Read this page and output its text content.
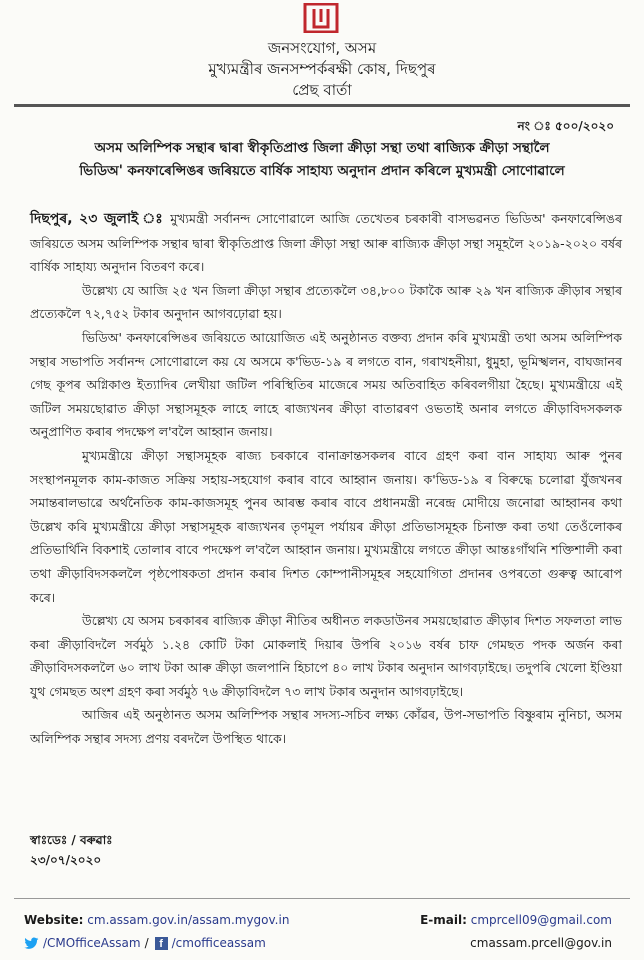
জনসংযোগ, অসম
মুখ্যমন্ত্ৰীৰ জনসম্পৰ্কৰক্ষী কোষ, দিছপুৰ
প্ৰেছ বাৰ্তা
নং ঃ ৫০০/২০২০
অসম অলিম্পিক সন্থাৰ দ্বাৰা স্বীকৃতিপ্ৰাপ্ত জিলা ক্ৰীড়া সন্থা তথা ৰাজ্যিক ক্ৰীড়া সন্থালৈ
ভিডিঅ' কনফাৰেন্সিঙৰ জৰিয়তে বাৰ্ষিক সাহায্য অনুদান প্ৰদান কৰিলে মুখ্যমন্ত্ৰী সোণোৱালে

দিছপুৰ, ২৩ জুলাই ঃ মুখ্যমন্ত্ৰী সৰ্বানন্দ সোণোৱালে আজি তেখেতৰ চৰকাৰী বাসভৱনত ভিডিঅ' কনফাৰেন্সিঙৰ জৰিয়তে অসম অলিম্পিক সন্থাৰ দ্বাৰা স্বীকৃতিপ্ৰাপ্ত জিলা ক্ৰীড়া সন্থা আৰু ৰাজ্যিক ক্ৰীড়া সন্থা সমূহলৈ ২০১৯-২০২০ বৰ্ষৰ বাৰ্ষিক সাহায্য অনুদান বিতৰণ কৰে।

উল্লেখ্য যে আজি ২৫ খন জিলা ক্ৰীড়া সন্থাৰ প্ৰত্যেকলৈ ৩৪,৮০০ টকাকৈ আৰু ২৯ খন ৰাজ্যিক ক্ৰীড়াৰ সন্থাৰ প্ৰত্যেকলৈ ৭২,৭৫২ টকাৰ অনুদান আগবঢ়োৱা হয়।

ভিডিঅ' কনফাৰেন্সিঙৰ জৰিয়তে আয়োজিত এই অনুষ্ঠানত বক্তব্য প্ৰদান কৰি মুখ্যমন্ত্ৰী তথা অসম অলিম্পিক সন্থাৰ সভাপতি সৰ্বানন্দ সোণোৱালে কয় যে অসমে ক'ভিড-১৯ ৰ লগতে বান, গৰাখহনীয়া, ধুমুহা, ভূমিস্খলন, বাঘজানৰ গেছ কূপৰ অগ্নিকাণ্ড ইত্যাদিৰ লেখীয়া জটিল পৰিস্থিতিৰ মাজেৰে সময় অতিবাহিত কৰিবলগীয়া হৈছে। মুখ্যমন্ত্ৰীয়ে এই জটিল সময়ছোৱাত ক্ৰীড়া সন্থাসমূহক লাহে লাহে ৰাজ্যখনৰ ক্ৰীড়া বাতাৱৰণ ওভতাই অনাৰ লগতে ক্ৰীড়াবিদসকলক অনুপ্ৰাণিত কৰাৰ পদক্ষেপ ল'বলৈ আহ্বান জনায়।

মুখ্যমন্ত্ৰীয়ে ক্ৰীড়া সন্থাসমূহক ৰাজ্য চৰকাৰে বানাক্ৰান্তসকলৰ বাবে গ্ৰহণ কৰা বান সাহায্য আৰু পুনৰ সংস্থাপনমূলক কাম-কাজত সক্ৰিয় সহায়-সহযোগ কৰাৰ বাবে আহ্বান জনায়। ক'ভিড-১৯ ৰ বিৰুদ্ধে চলোৱা যুঁজখনৰ সমান্তৰালভাৱে অৰ্থনৈতিক কাম-কাজসমূহ পুনৰ আৰম্ভ কৰাৰ বাবে প্ৰধানমন্ত্ৰী নৰেন্দ্ৰ মোদীয়ে জনোৱা আহ্বানৰ কথা উল্লেখ কৰি মুখ্যমন্ত্ৰীয়ে ক্ৰীড়া সন্থাসমূহক ৰাজ্যখনৰ তৃণমূল পৰ্যায়ৰ ক্ৰীড়া প্ৰতিভাসমূহক চিনাক্ত কৰা তথা তেওঁলোকৰ প্ৰতিভাৰ্থিনি বিকশাই তোলাৰ বাবে পদক্ষেপ ল'বলৈ আহ্বান জনায়। মুখ্যমন্ত্ৰীয়ে লগতে ক্ৰীড়া আন্তঃগাঁথনি শক্তিশালী কৰা তথা ক্ৰীড়াবিদসকললৈ পৃষ্ঠপোষকতা প্ৰদান কৰাৰ দিশত কোম্পানীসমূহৰ সহযোগিতা প্ৰদানৰ ওপৰতো গুৰুত্ব আৰোপ কৰে।

উল্লেখ্য যে অসম চৰকাৰৰ ৰাজ্যিক ক্ৰীড়া নীতিৰ অধীনত লকডাউনৰ সময়ছোৱাত ক্ৰীড়াৰ দিশত সফলতা লাভ কৰা ক্ৰীড়াবিদলৈ সৰ্বমুঠ ১.২৪ কোটি টকা মোকলাই দিয়াৰ উপৰি ২০১৬ বৰ্ষৰ চাফ গেমছত পদক অৰ্জন কৰা ক্ৰীড়াবিদসকললৈ ৬০ লাখ টকা আৰু ক্ৰীড়া জলপানি হিচাপে ৪০ লাখ টকাৰ অনুদান আগবঢ়াইছে। তদুপৰি খেলো ইণ্ডিয়া যুথ গেমছত অংশ গ্ৰহণ কৰা সৰ্বমুঠ ৭৬ ক্ৰীড়াবিদলৈ ৭৩ লাখ টকাৰ অনুদান আগবঢ়াইছে।

আজিৰ এই অনুষ্ঠানত অসম অলিম্পিক সন্থাৰ সদস্য-সচিব লক্ষ্য কোঁৱৰ, উপ-সভাপতি বিষ্ণুৰাম নুনিচা, অসম অলিম্পিক সন্থাৰ সদস্য প্ৰণয় বৰদলৈ উপস্থিত থাকে।

স্বাঃডেঃ / বৰুৱাঃ
২৩/০৭/২০২০
Website: cm.assam.gov.in/assam.mygov.in	E-mail: cmprcell09@gmail.com
/CMOfficeAssam / f /cmofficeassam	cmassam.prcell@gov.in
